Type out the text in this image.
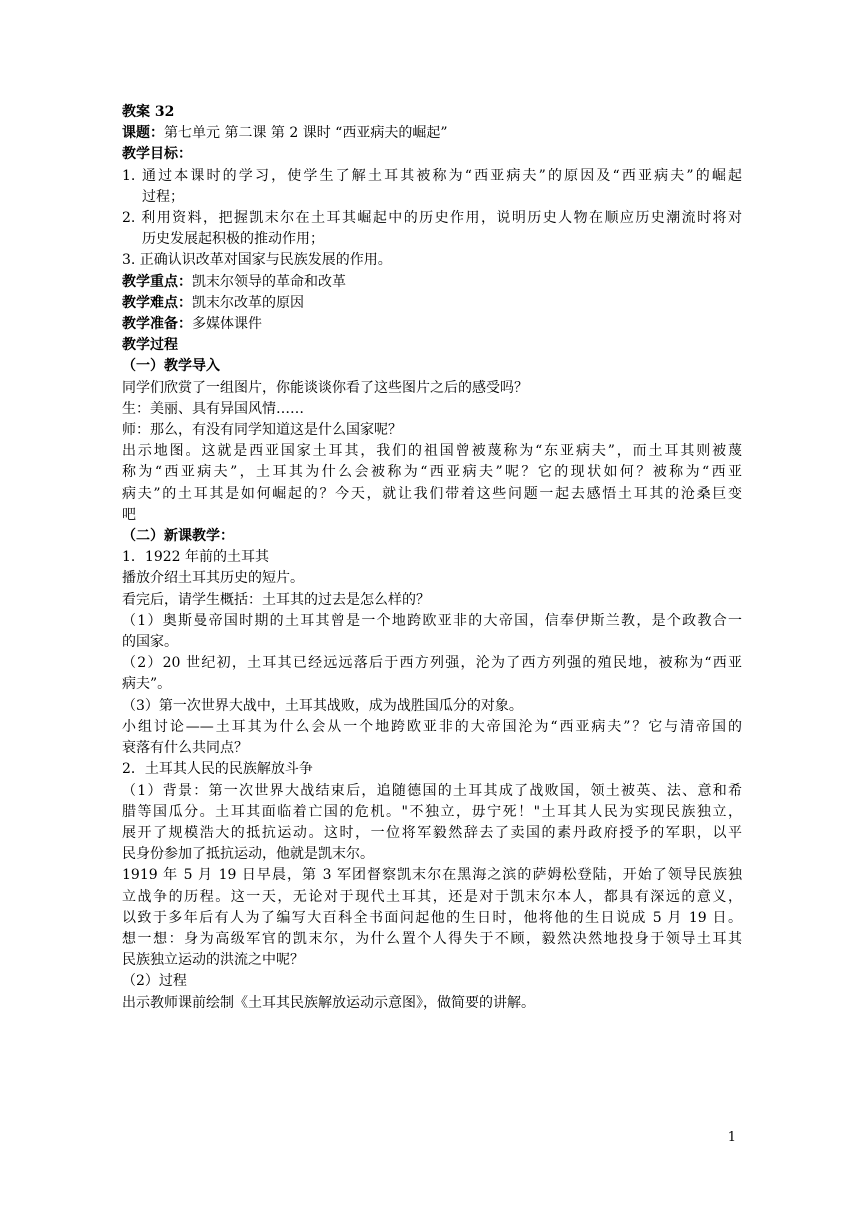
教案 32
课题：第七单元 第二课 第 2 课时 “西亚病夫的崛起”
教学目标：
1. 通过本课时的学习，使学生了解土耳其被称为“西亚病夫”的原因及“西亚病夫”的崛起
过程；
2. 利用资料，把握凯末尔在土耳其崛起中的历史作用，说明历史人物在顺应历史潮流时将对
历史发展起积极的推动作用；
3. 正确认识改革对国家与民族发展的作用。
教学重点：凯末尔领导的革命和改革
教学难点：凯末尔改革的原因
教学准备：多媒体课件
教学过程
（一）教学导入
同学们欣赏了一组图片，你能谈谈你看了这些图片之后的感受吗？
生：美丽、具有异国风情……
师：那么，有没有同学知道这是什么国家呢？
出示地图。这就是西亚国家土耳其，我们的祖国曾被蔑称为“东亚病夫”，而土耳其则被蔑
称为“西亚病夫”，土耳其为什么会被称为“西亚病夫”呢？它的现状如何？被称为“西亚
病夫”的土耳其是如何崛起的？今天，就让我们带着这些问题一起去感悟土耳其的沧桑巨变
吧
（二）新课教学：
1．1922 年前的土耳其
播放介绍土耳其历史的短片。
看完后，请学生概括：土耳其的过去是怎么样的？
（1）奥斯曼帝国时期的土耳其曾是一个地跨欧亚非的大帝国，信奉伊斯兰教，是个政教合一
的国家。
（2）20 世纪初，土耳其已经远远落后于西方列强，沦为了西方列强的殖民地，被称为“西亚
病夫”。
（3）第一次世界大战中，土耳其战败，成为战胜国瓜分的对象。
小组讨论——土耳其为什么会从一个地跨欧亚非的大帝国沦为“西亚病夫”？它与清帝国的
衰落有什么共同点？
2．土耳其人民的民族解放斗争
（1）背景：第一次世界大战结束后，追随德国的土耳其成了战败国，领土被英、法、意和希
腊等国瓜分。土耳其面临着亡国的危机。"不独立，毋宁死！"土耳其人民为实现民族独立，
展开了规模浩大的抵抗运动。这时，一位将军毅然辞去了卖国的素丹政府授予的军职，以平
民身份参加了抵抗运动，他就是凯末尔。
1919 年 5 月 19 日早晨，第 3 军团督察凯末尔在黑海之滨的萨姆松登陆，开始了领导民族独
立战争的历程。这一天，无论对于现代土耳其，还是对于凯末尔本人，都具有深远的意义，
以致于多年后有人为了编写大百科全书面问起他的生日时，他将他的生日说成 5 月 19 日。
想一想：身为高级军官的凯末尔，为什么置个人得失于不顾，毅然决然地投身于领导土耳其
民族独立运动的洪流之中呢？
（2）过程
出示教师课前绘制《土耳其民族解放运动示意图》，做简要的讲解。
1
